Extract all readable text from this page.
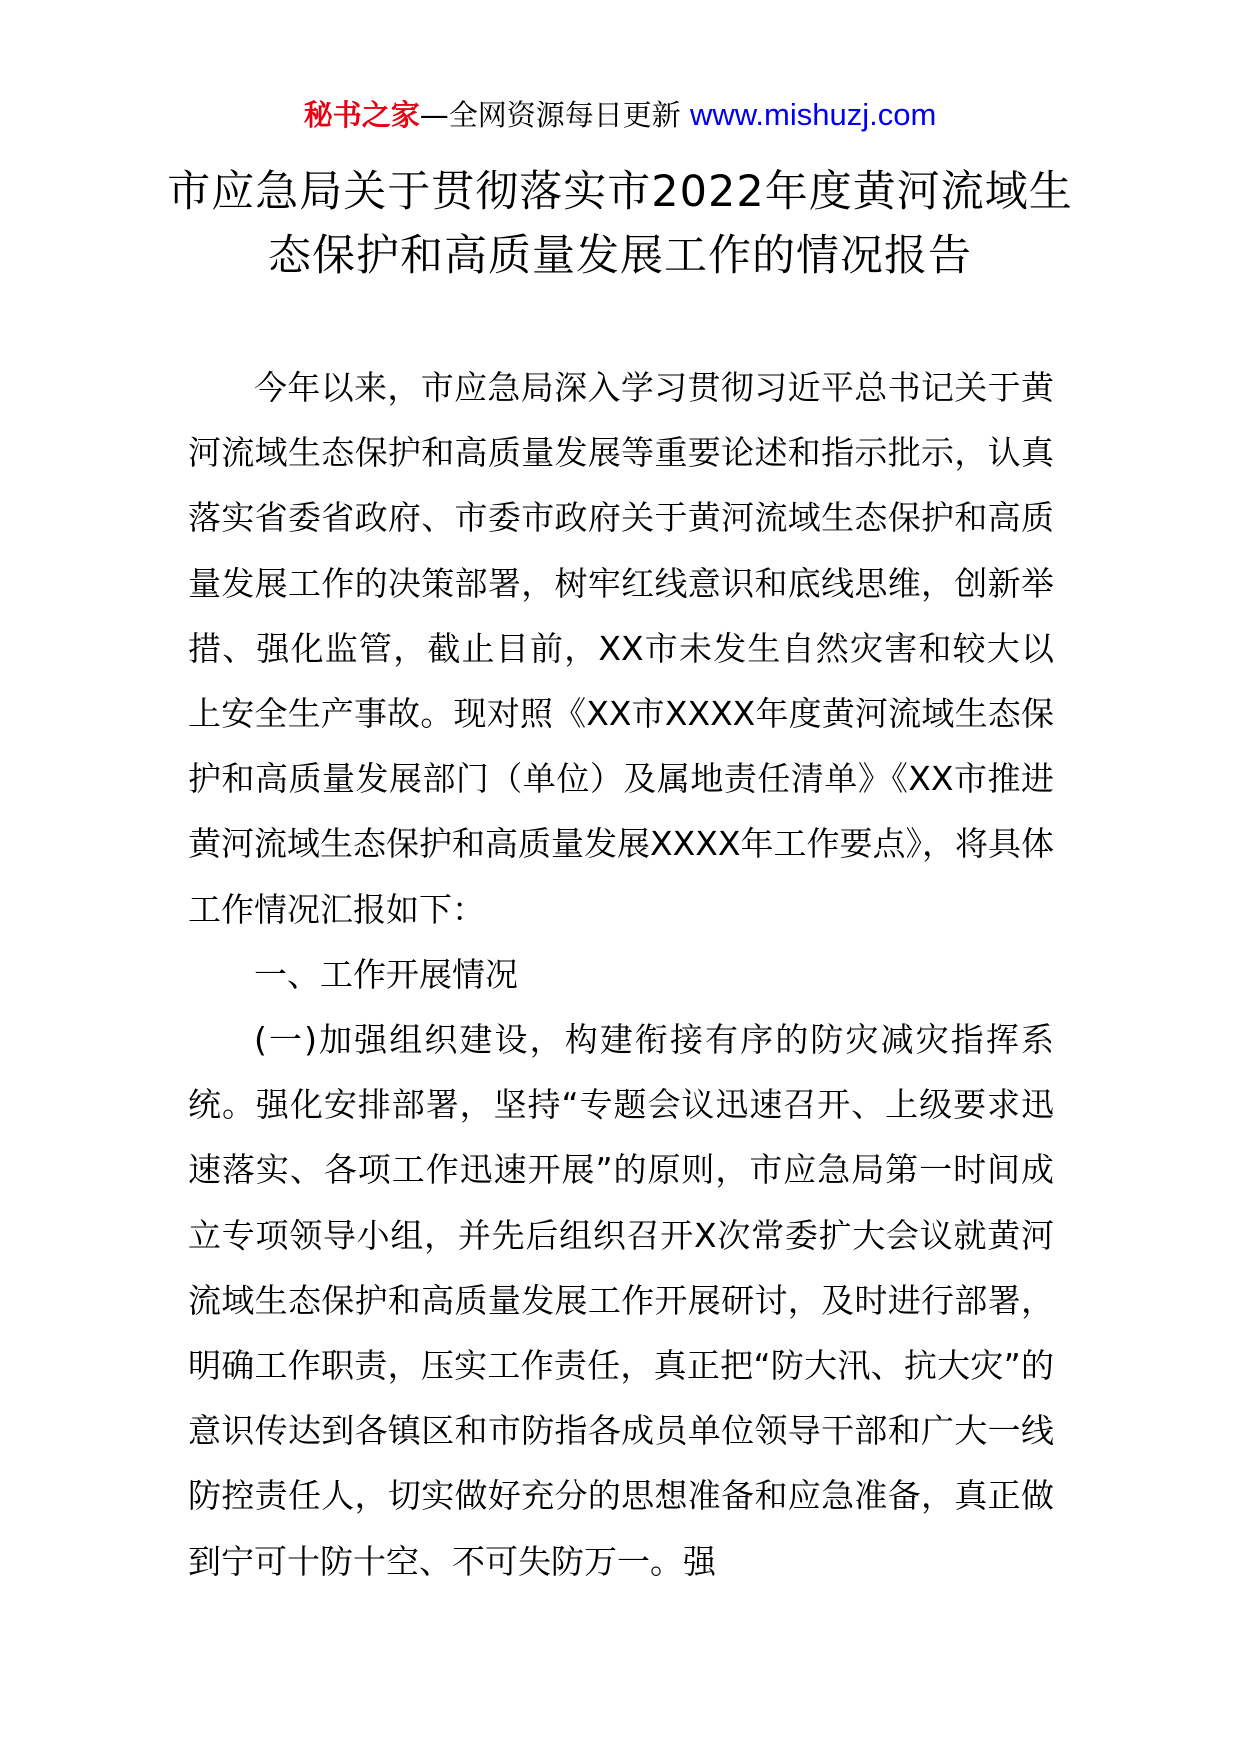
秘书之家—全网资源每日更新 www.mishuzj.com
市应急局关于贯彻落实市2022年度黄河流域生态保护和高质量发展工作的情况报告

今年以来，市应急局深入学习贯彻习近平总书记关于黄河流域生态保护和高质量发展等重要论述和指示批示，认真落实省委省政府、市委市政府关于黄河流域生态保护和高质量发展工作的决策部署，树牢红线意识和底线思维，创新举措、强化监管，截止目前，XX市未发生自然灾害和较大以上安全生产事故。现对照《XX市XXXX年度黄河流域生态保护和高质量发展部门（单位）及属地责任清单》《XX市推进黄河流域生态保护和高质量发展XXXX年工作要点》，将具体工作情况汇报如下：

一、工作开展情况

(一)加强组织建设，构建衔接有序的防灾减灾指挥系统。强化安排部署，坚持“专题会议迅速召开、上级要求迅速落实、各项工作迅速开展”的原则，市应急局第一时间成立专项领导小组，并先后组织召开X次常委扩大会议就黄河流域生态保护和高质量发展工作开展研讨，及时进行部署，明确工作职责，压实工作责任，真正把“防大汛、抗大灾”的意识传达到各镇区和市防指各成员单位领导干部和广大一线防控责任人，切实做好充分的思想准备和应急准备，真正做到宁可十防十空、不可失防万一。强
